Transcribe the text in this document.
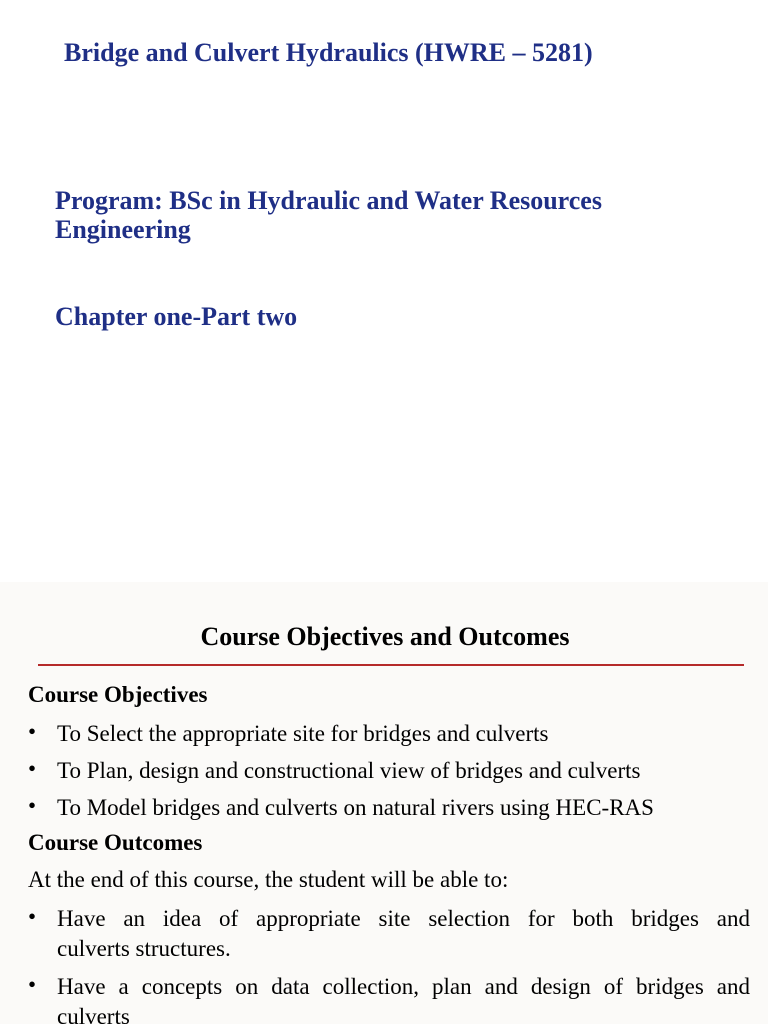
Bridge and Culvert Hydraulics (HWRE – 5281)
Program: BSc in Hydraulic and Water Resources Engineering
Chapter one-Part two
Course Objectives and Outcomes
Course Objectives
• To Select the appropriate site for bridges and culverts
• To Plan, design and constructional view of bridges and culverts
• To Model bridges and culverts on natural rivers using HEC-RAS
Course Outcomes
At the end of this course, the student will be able to:
• Have an idea of appropriate site selection for both bridges and
culverts structures.
• Have a concepts on data collection, plan and design of bridges and
culverts
